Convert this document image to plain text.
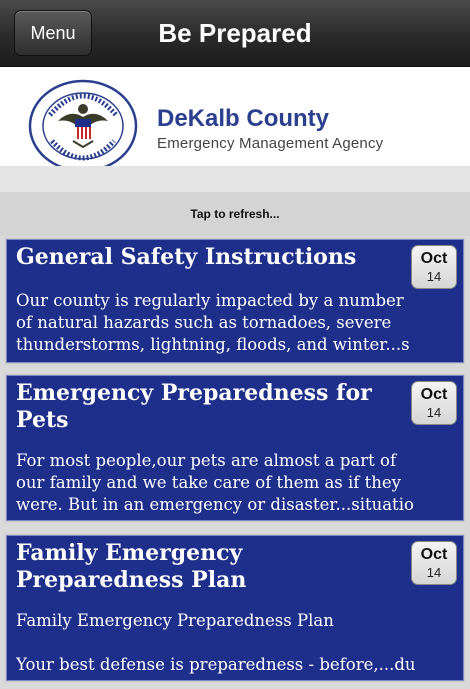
Be Prepared
Menu
DeKalb County
Emergency Management Agency
Tap to refresh...
General Safety Instructions	Oct
14
Our county is regularly impacted by a number
of natural hazards such as tornadoes, severe
thunderstorms, lightning, floods, and winter...s
Emergency Preparedness for Pets
Oct
14
For most people,our pets are almost a part of
our family and we take care of them as if they
were. But in an emergency or disaster...situatio
Family Emergency Preparedness Plan
Oct
14
Family Emergency Preparedness Plan
Your best defense is preparedness - before,...du
